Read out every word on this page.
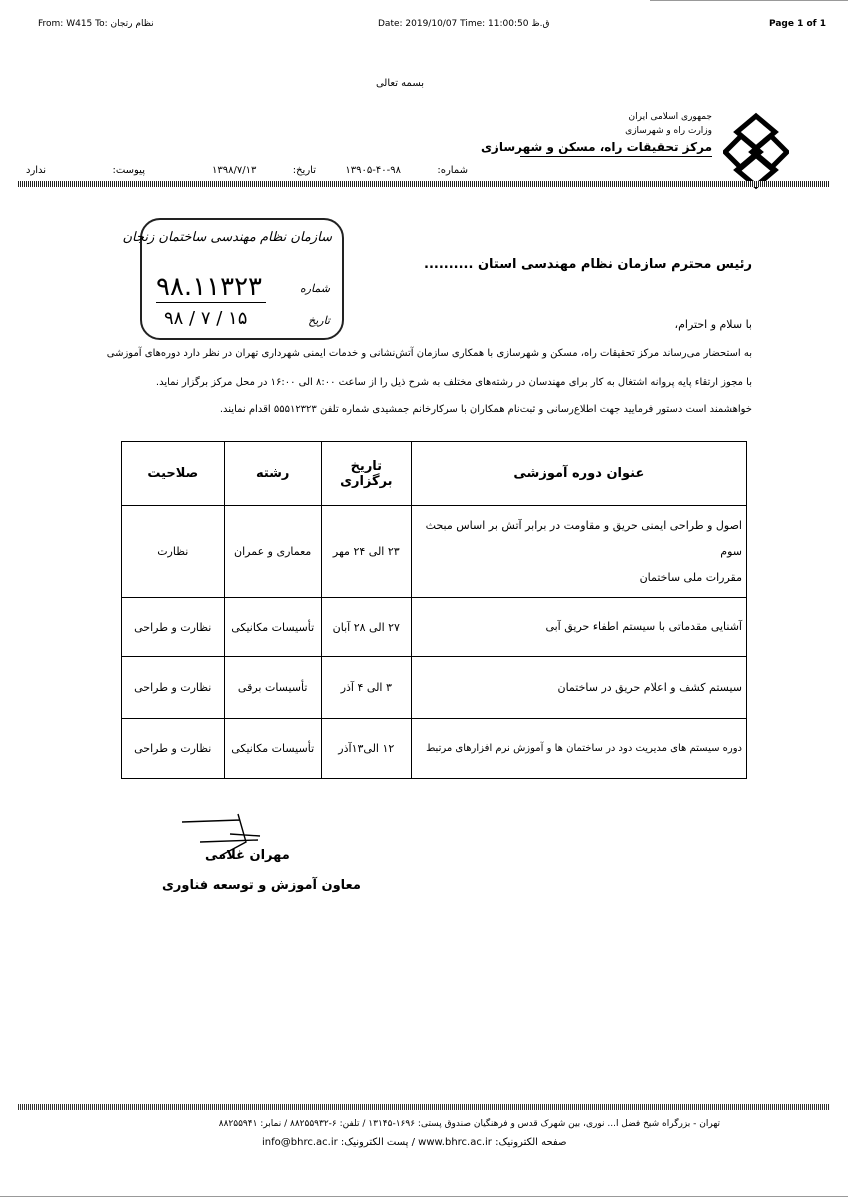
From: W415 To: نظام رتجان	Date: 2019/10/07 Time: 11:00:50 ق.ظ	Page 1 of 1
بسمه تعالی
جمهوری اسلامی ایران
وزارت راه و شهرسازی
مرکز تحقیقات راه، مسکن و شهرسازی
شماره:  ۹۸-۴۰-۱۳۹۰۵
تاریخ:  ۱۳۹۸/۷/۱۳
پیوست:  ندارد
سازمان نظام مهندسی ساختمان زنجان
شماره
۹۸.۱۱۳۲۳
تاریخ
۹۸ / ۷ / ۱۵
رئیس محترم سازمان نظام مهندسی استان ..........
با سلام و احترام،
به استحضار می‌رساند مرکز تحقیقات راه، مسکن و شهرسازی با همکاری سازمان آتش‌نشانی و خدمات ایمنی شهرداری تهران در نظر دارد دوره‌های آموزشی
با مجوز ارتقاء پایه پروانه اشتغال به کار برای مهندسان در رشته‌های مختلف به شرح ذیل را از ساعت ۸:۰۰ الی ۱۶:۰۰ در محل مرکز برگزار نماید.
خواهشمند است دستور فرمایید جهت اطلاع‌رسانی و ثبت‌نام همکاران با سرکارخانم جمشیدی شماره تلفن ۵۵۵۱۲۳۲۳ اقدام نمایند.
عنوان دوره آموزشی	تاریخ برگزاری	رشته	صلاحیت
اصول و طراحی ایمنی حریق و مقاومت در برابر آتش بر اساس مبحث سوم
مقررات ملی ساختمان	۲۳ الی ۲۴ مهر	معماری و عمران	نظارت
آشنایی مقدماتی با سیستم اطفاء حریق آبی	۲۷ الی ۲۸ آبان	تأسیسات مکانیکی	نظارت و طراحی
سیستم کشف و اعلام حریق در ساختمان	۳ الی ۴ آذر	تأسیسات برقی	نظارت و طراحی
دوره سیستم های مدیریت دود در ساختمان ها و آموزش نرم افزارهای مرتبط	۱۲ الی۱۳آذر	تأسیسات مکانیکی	نظارت و طراحی
مهران غلامی
معاون آموزش و توسعه فناوری
تهران - بزرگراه شیخ فضل ا... نوری، بین شهرک قدس و فرهنگیان صندوق پستی: ۱۶۹۶-۱۳۱۴۵ / تلفن: ۶-۸۸۲۵۵۹۳۲ / نمابر: ۸۸۲۵۵۹۴۱
info@bhrc.ac.ir / پست الکترونیک: www.bhrc.ac.ir صفحه الکترونیک:
